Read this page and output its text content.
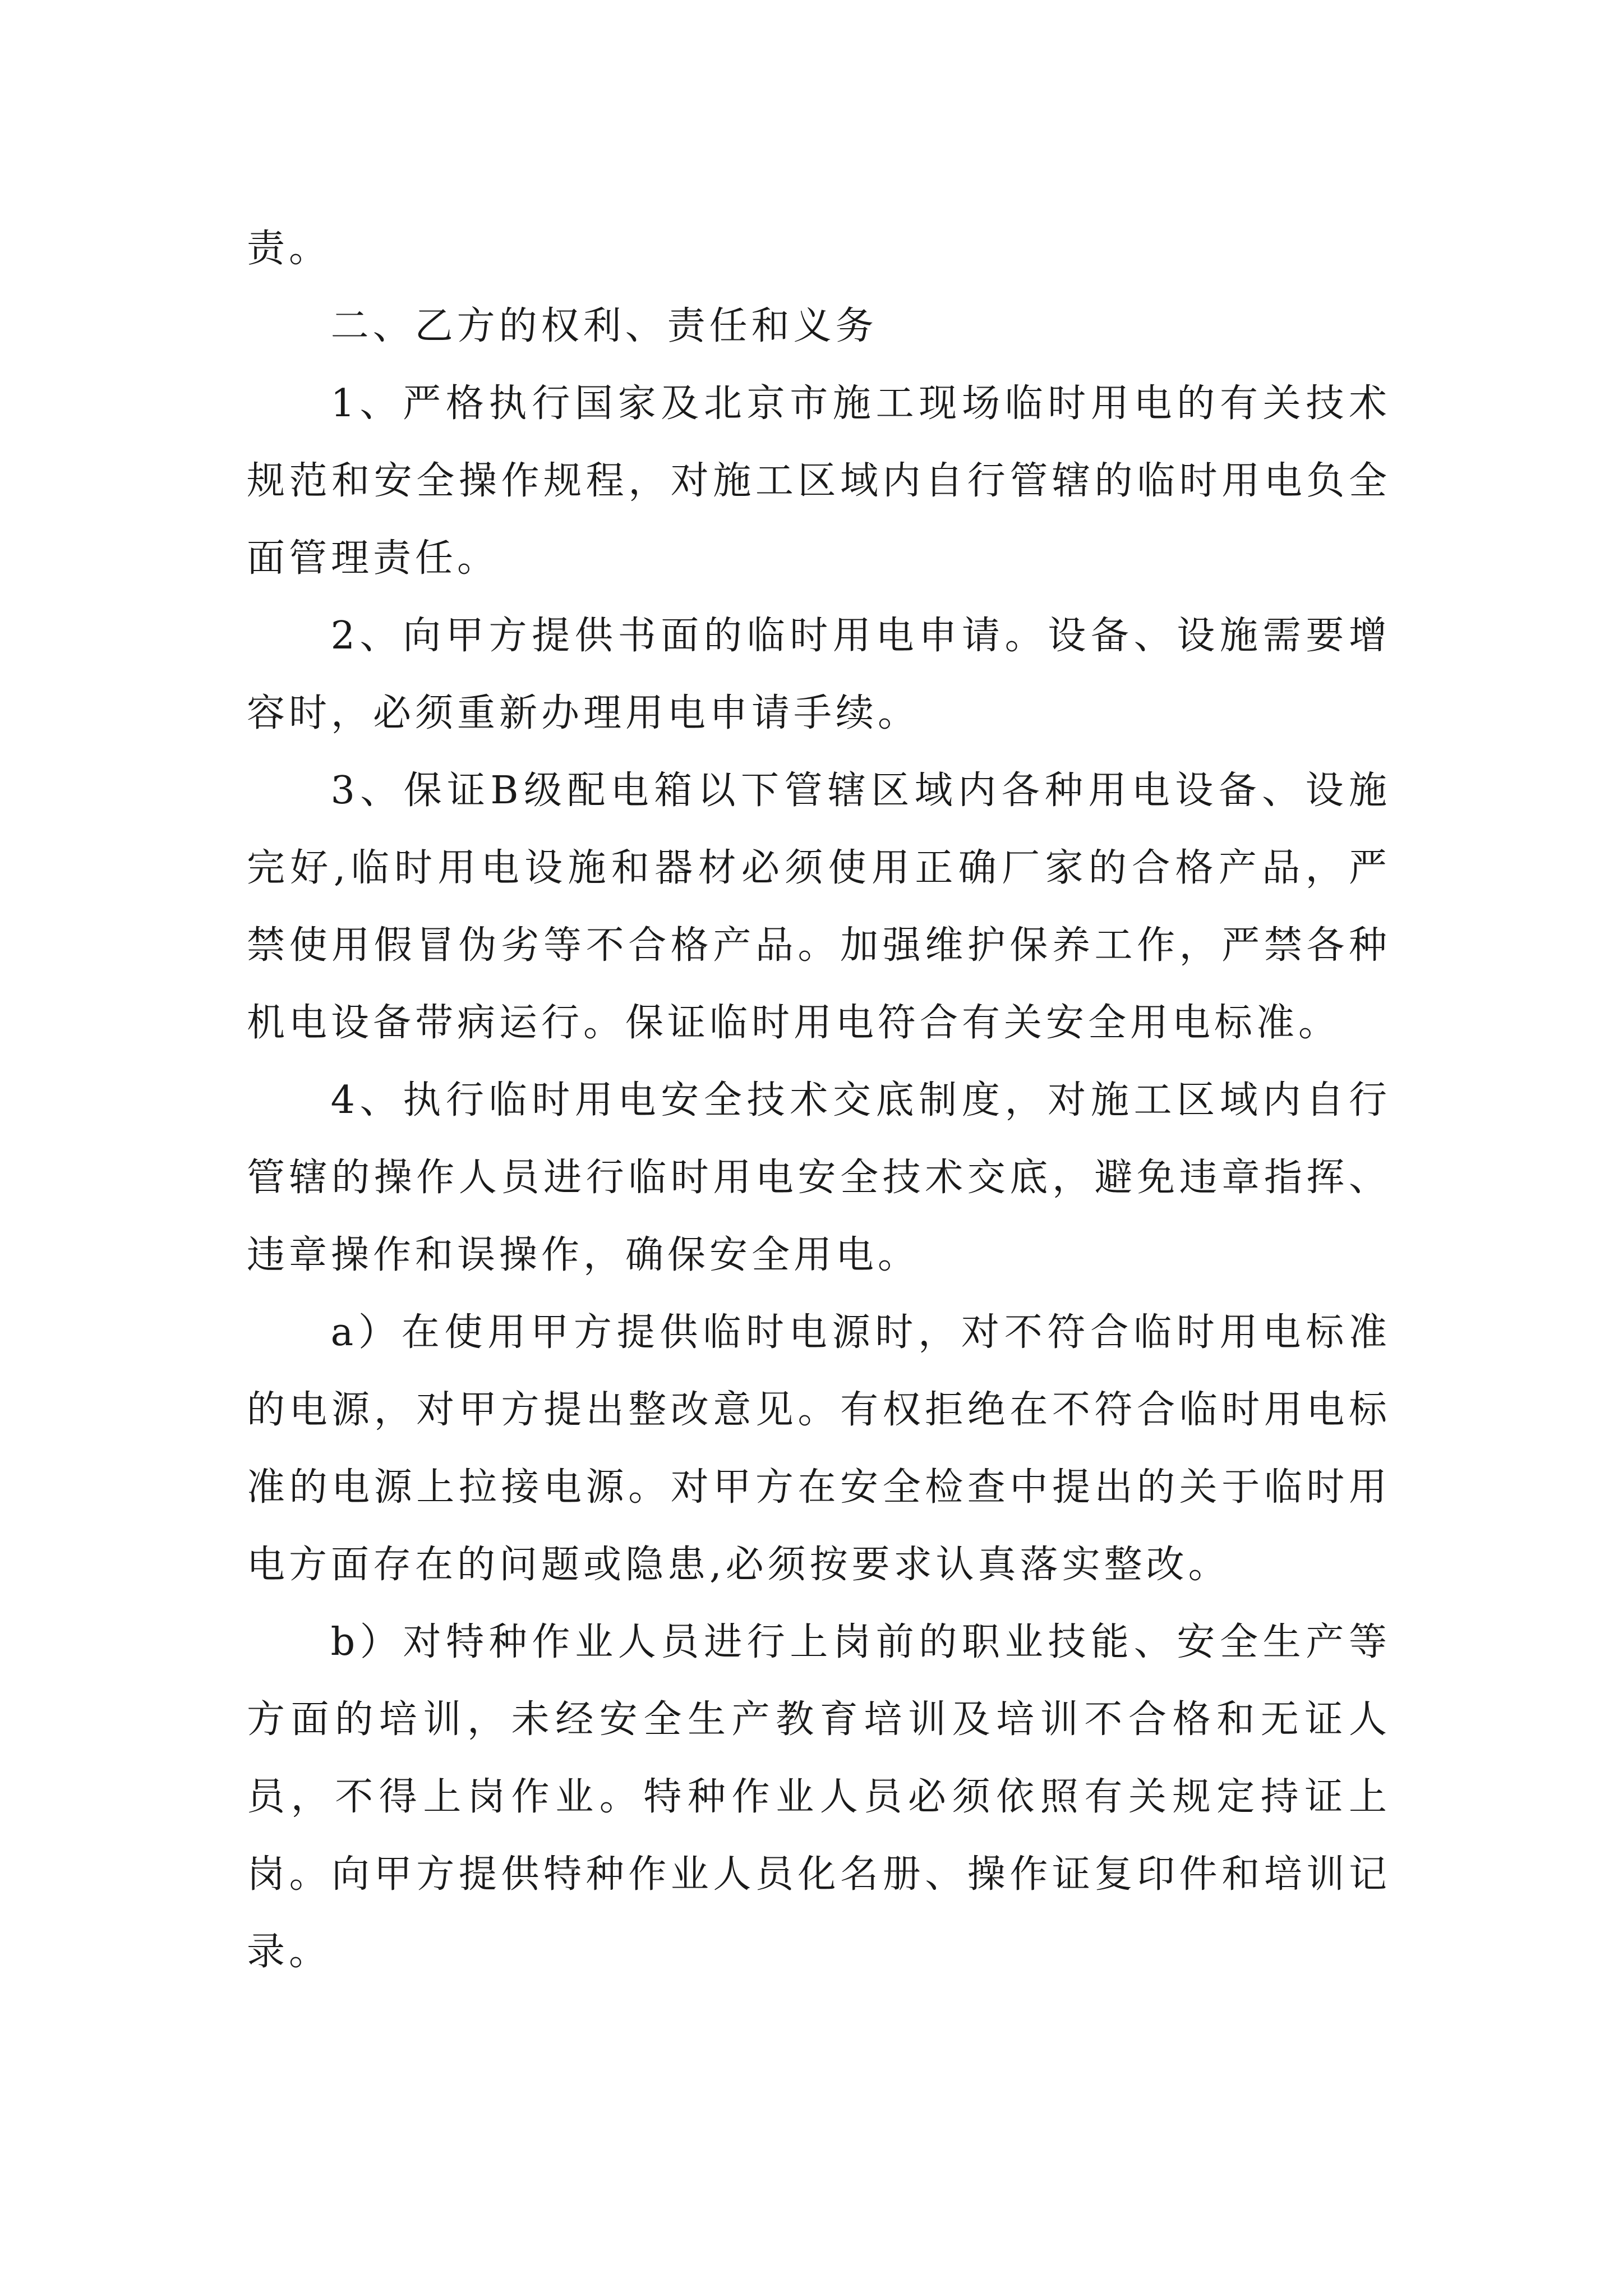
责。

二、乙方的权利、责任和义务

1、严格执行国家及北京市施工现场临时用电的有关技术规范和安全操作规程，对施工区域内自行管辖的临时用电负全面管理责任。

2、向甲方提供书面的临时用电申请。设备、设施需要增容时，必须重新办理用电申请手续。

3、保证B级配电箱以下管辖区域内各种用电设备、设施完好,临时用电设施和器材必须使用正确厂家的合格产品，严禁使用假冒伪劣等不合格产品。加强维护保养工作，严禁各种机电设备带病运行。保证临时用电符合有关安全用电标准。

4、执行临时用电安全技术交底制度，对施工区域内自行管辖的操作人员进行临时用电安全技术交底，避免违章指挥、违章操作和误操作，确保安全用电。

a）在使用甲方提供临时电源时，对不符合临时用电标准的电源，对甲方提出整改意见。有权拒绝在不符合临时用电标准的电源上拉接电源。对甲方在安全检查中提出的关于临时用电方面存在的问题或隐患,必须按要求认真落实整改。

b）对特种作业人员进行上岗前的职业技能、安全生产等方面的培训，未经安全生产教育培训及培训不合格和无证人员，不得上岗作业。特种作业人员必须依照有关规定持证上岗。向甲方提供特种作业人员化名册、操作证复印件和培训记录。
